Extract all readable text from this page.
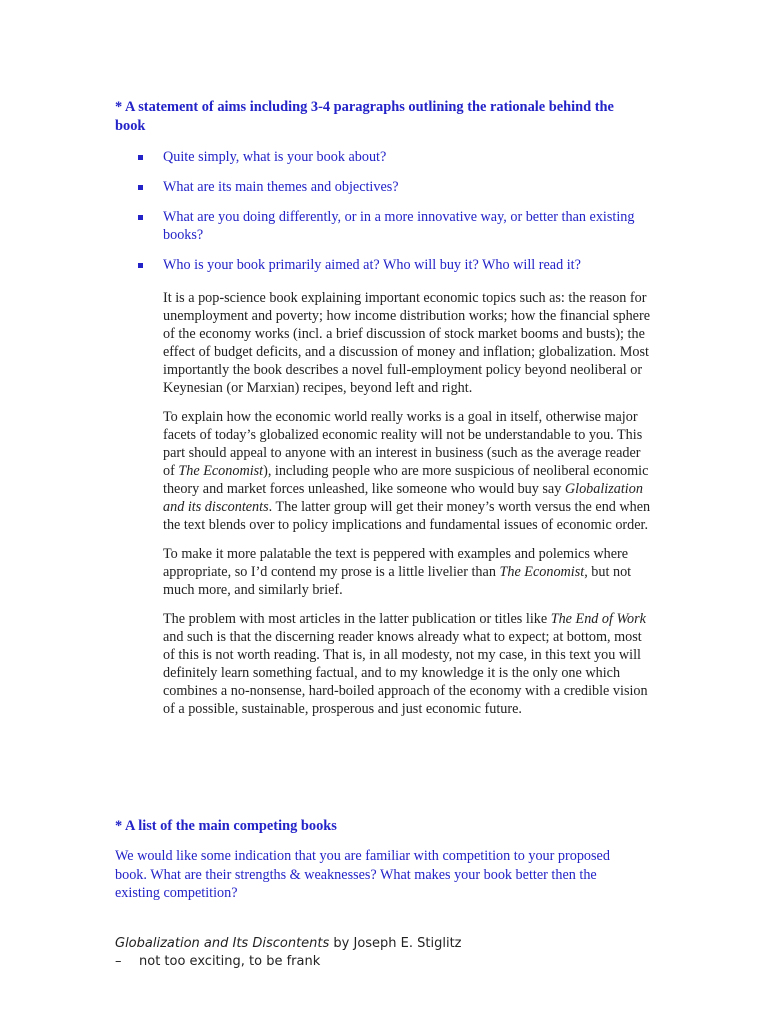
* A statement of aims including 3-4 paragraphs outlining the rationale behind the book
Quite simply, what is your book about?
What are its main themes and objectives?
What are you doing differently, or in a more innovative way, or better than existing books?
Who is your book primarily aimed at? Who will buy it? Who will read it?

It is a pop-science book explaining important economic topics such as: the reason for unemployment and poverty; how income distribution works; how the financial sphere of the economy works (incl. a brief discussion of stock market booms and busts); the effect of budget deficits, and a discussion of money and inflation; globalization. Most importantly the book describes a novel full-employment policy beyond neoliberal or Keynesian (or Marxian) recipes, beyond left and right.

To explain how the economic world really works is a goal in itself, otherwise major facets of today’s globalized economic reality will not be understandable to you. This part should appeal to anyone with an interest in business (such as the average reader of The Economist), including people who are more suspicious of neoliberal economic theory and market forces unleashed, like someone who would buy say Globalization and its discontents. The latter group will get their money’s worth versus the end when the text blends over to policy implications and fundamental issues of economic order.

To make it more palatable the text is peppered with examples and polemics where appropriate, so I’d contend my prose is a little livelier than The Economist, but not much more, and similarly brief.

The problem with most articles in the latter publication or titles like The End of Work and such is that the discerning reader knows already what to expect; at bottom, most of this is not worth reading. That is, in all modesty, not my case, in this text you will definitely learn something factual, and to my knowledge it is the only one which combines a no-nonsense, hard-boiled approach of the economy with a credible vision of a possible, sustainable, prosperous and just economic future.

* A list of the main competing books

We would like some indication that you are familiar with competition to your proposed book. What are their strengths & weaknesses? What makes your book better then the existing competition?

Globalization and Its Discontents by Joseph E. Stiglitz
– not too exciting, to be frank
